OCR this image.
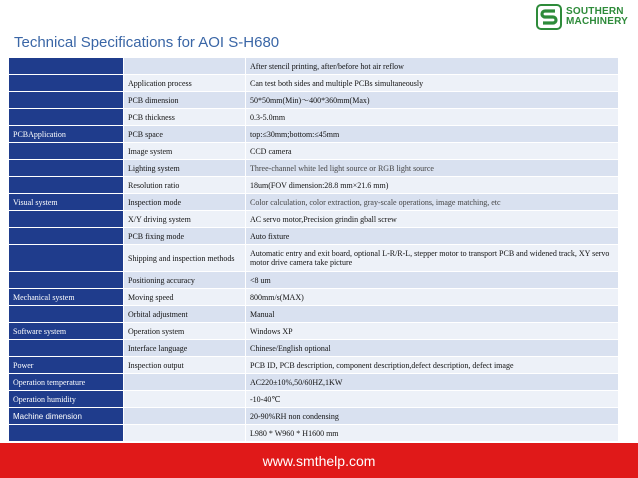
SOUTHERN
MACHINERY
Technical Specifications for AOI S-H680
		After stencil printing, after/before hot air reflow
	Application process	Can test both sides and multiple PCBs simultaneously
	PCB dimension	50*50mm(Min)～400*360mm(Max)
	PCB thickness	0.3-5.0mm
PCBApplication	PCB space	top:≤30mm;bottom:≤45mm
	Image system	CCD camera
	Lighting system	Three-channel white led light source or RGB light source
	Resolution ratio	18um(FOV dimension:28.8 mm×21.6 mm)
Visual system	Inspection mode	Color calculation, color extraction, gray-scale operations, image matching, etc
	X/Y driving system	AC servo motor,Precision grindin gball screw
	PCB fixing mode	Auto fixture
	Shipping and inspection methods	Automatic entry and exit board, optional L-R/R-L, stepper motor to transport PCB and widened track, XY servo motor drive camera take picture
	Positioning accuracy	<8 um
Mechanical system	Moving speed	800mm/s(MAX)
	Orbital adjustment	Manual
Software system	Operation system	Windows XP
	Interface language	Chinese/English optional
Power	Inspection output	PCB ID, PCB description, component description,defect description, defect image
Operation temperature		AC220±10%,50/60HZ,1KW
Operation humidity		-10-40℃
Machine dimension		20-90%RH non condensing
		L980 * W960 * H1600 mm
www.smthelp.com
